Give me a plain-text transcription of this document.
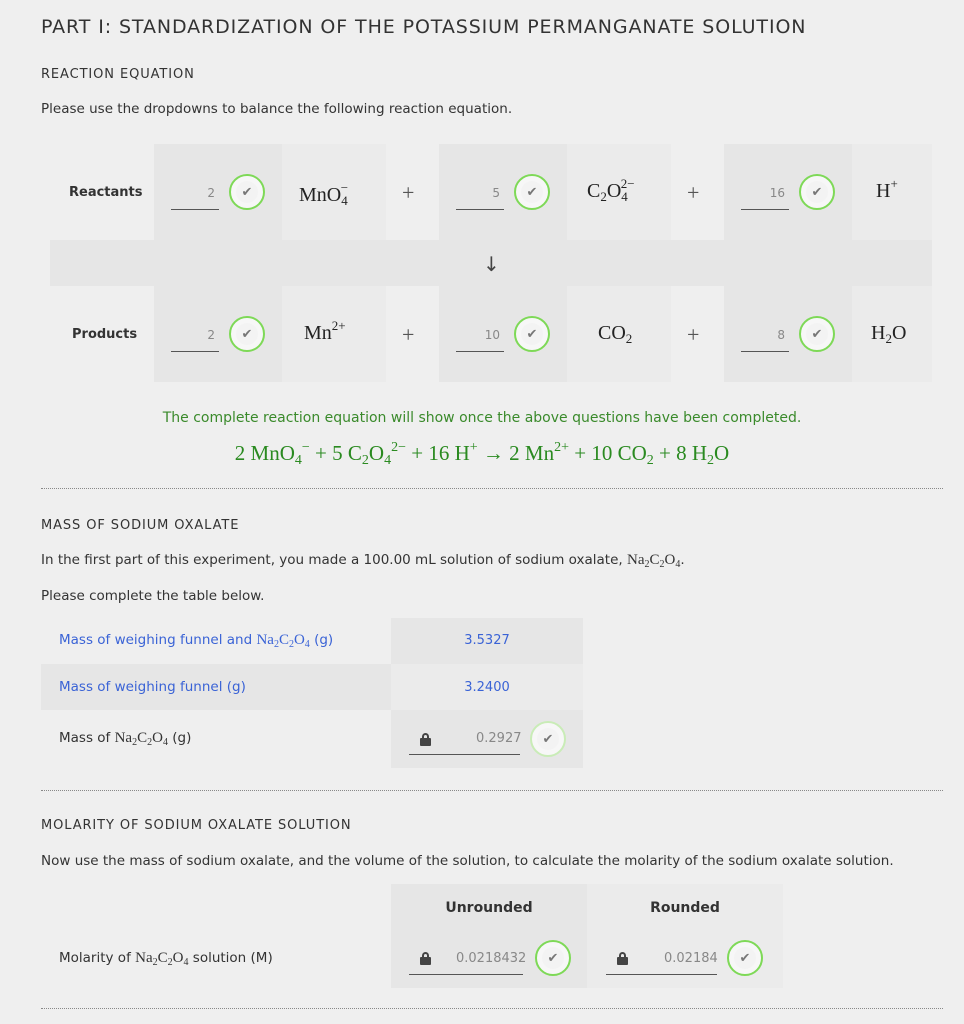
PART I: STANDARDIZATION OF THE POTASSIUM PERMANGANATE SOLUTION
REACTION EQUATION
Please use the dropdowns to balance the following reaction equation.
Reactants	2	✔ MnO$_4$− +	5	✔ $C_2O_4^{2-}$ +	16	✔	H+
↓
Products	2	✔	$Mn^{2+}$	+	10	✔	$CO_2$ +	8	✔ $H_2O$
The complete reaction equation will show once the above questions have been completed.
2 MnO$_4$− + 5 $C_2O_4^{2-} + 16$ H+ → 2 $Mn^{2+} + 10$ $CO_2 + 8$ $H_2O$
MASS OF SODIUM OXALATE
In the first part of this experiment, you made a 100.00 mL solution of sodium oxalate, $Na_2C_2O_4$.
Please complete the table below.
Mass of weighing funnel and $Na_2C_2O_4$ (g)	3.5327
Mass of weighing funnel (g)	3.2400
Mass of $Na_2C_2O_4$ (g)	0.2927	✔
MOLARITY OF SODIUM OXALATE SOLUTION
Now use the mass of sodium oxalate, and the volume of the solution, to calculate the molarity of the sodium oxalate solution.
Unrounded	Rounded
Molarity of $Na_2C_2O_4$ solution (M)	0.0218432	✔	0.02184	✔
